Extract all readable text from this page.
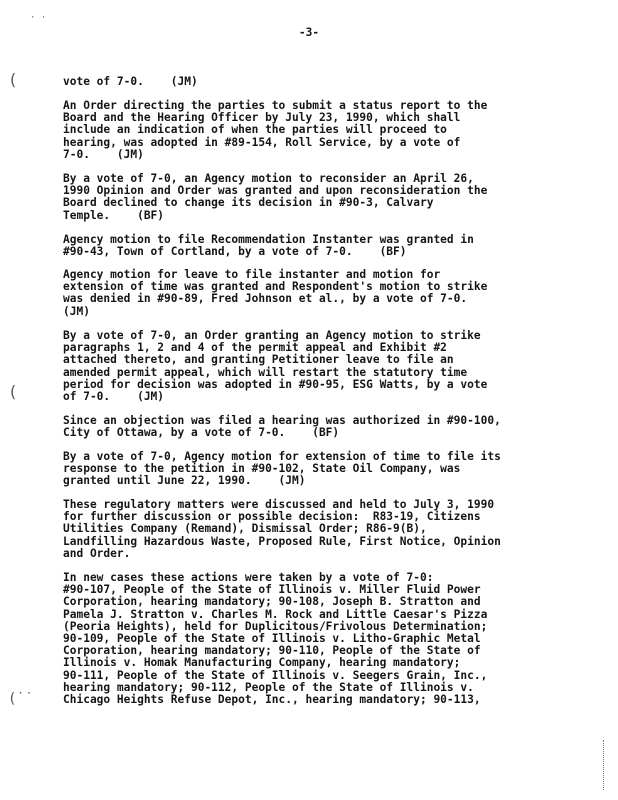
· ·
-3-
(
(
(˙˙
vote of 7-0.    (JM)
An Order directing the parties to submit a status report to the
Board and the Hearing Officer by July 23, 1990, which shall
include an indication of when the parties will proceed to
hearing, was adopted in #89-154, Roll Service, by a vote of
7-0.    (JM)
By a vote of 7-0, an Agency motion to reconsider an April 26,
1990 Opinion and Order was granted and upon reconsideration the
Board declined to change its decision in #90-3, Calvary
Temple.    (BF)
Agency motion to file Recommendation Instanter was granted in
#90-43, Town of Cortland, by a vote of 7-0.    (BF)
Agency motion for leave to file instanter and motion for
extension of time was granted and Respondent's motion to strike
was denied in #90-89, Fred Johnson et al., by a vote of 7-0.
(JM)
By a vote of 7-0, an Order granting an Agency motion to strike
paragraphs 1, 2 and 4 of the permit appeal and Exhibit #2
attached thereto, and granting Petitioner leave to file an
amended permit appeal, which will restart the statutory time
period for decision was adopted in #90-95, ESG Watts, by a vote
of 7-0.    (JM)
Since an objection was filed a hearing was authorized in #90-100,
City of Ottawa, by a vote of 7-0.    (BF)
By a vote of 7-0, Agency motion for extension of time to file its
response to the petition in #90-102, State Oil Company, was
granted until June 22, 1990.    (JM)
These regulatory matters were discussed and held to July 3, 1990
for further discussion or possible decision:  R83-19, Citizens
Utilities Company (Remand), Dismissal Order; R86-9(B),
Landfilling Hazardous Waste, Proposed Rule, First Notice, Opinion
and Order.
In new cases these actions were taken by a vote of 7-0:
#90-107, People of the State of Illinois v. Miller Fluid Power
Corporation, hearing mandatory; 90-108, Joseph B. Stratton and
Pamela J. Stratton v. Charles M. Rock and Little Caesar's Pizza
(Peoria Heights), held for Duplicitous/Frivolous Determination;
90-109, People of the State of Illinois v. Litho-Graphic Metal
Corporation, hearing mandatory; 90-110, People of the State of
Illinois v. Homak Manufacturing Company, hearing mandatory;
90-111, People of the State of Illinois v. Seegers Grain, Inc.,
hearing mandatory; 90-112, People of the State of Illinois v.
Chicago Heights Refuse Depot, Inc., hearing mandatory; 90-113,
